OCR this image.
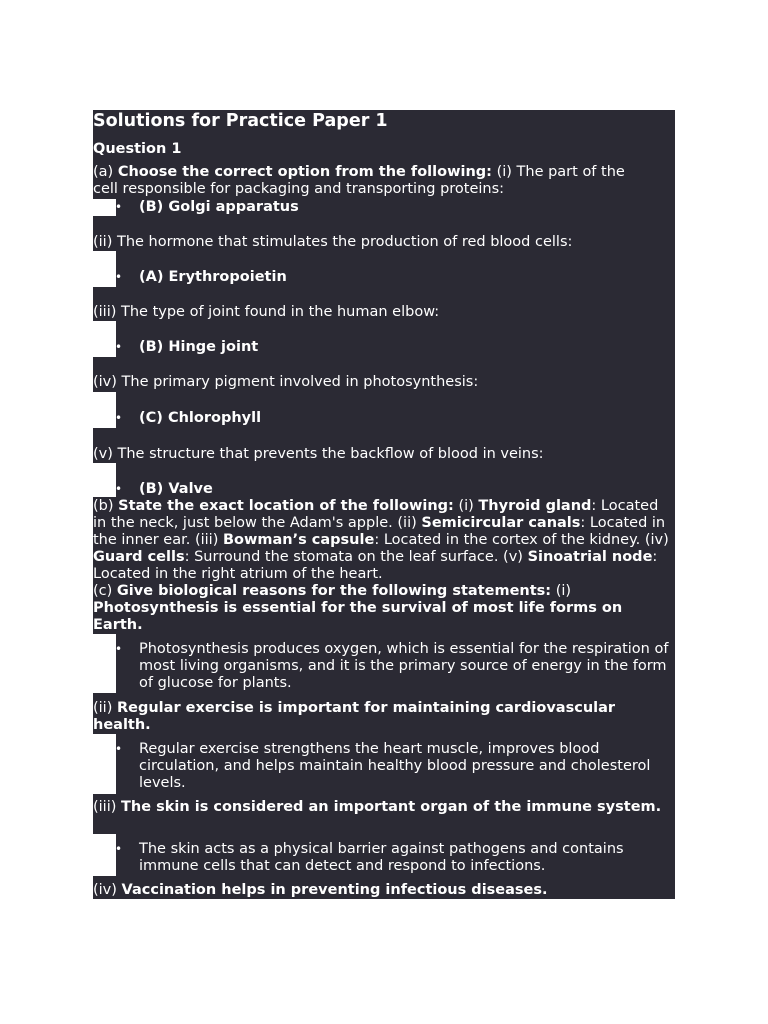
Solutions for Practice Paper 1
Question 1
(a) Choose the correct option from the following: (i) The part of the
cell responsible for packaging and transporting proteins:
• (B) Golgi apparatus
(ii) The hormone that stimulates the production of red blood cells:
• (A) Erythropoietin
(iii) The type of joint found in the human elbow:
• (B) Hinge joint
(iv) The primary pigment involved in photosynthesis:
• (C) Chlorophyll
(v) The structure that prevents the backflow of blood in veins:
• (B) Valve
(b) State the exact location of the following: (i) Thyroid gland: Located in the neck, just below the Adam's apple. (ii) Semicircular canals: Located in the inner ear. (iii) Bowman’s capsule: Located in the cortex of the kidney. (iv) Guard cells: Surround the stomata on the leaf surface. (v) Sinoatrial node: Located in the right atrium of the heart.
(c) Give biological reasons for the following statements: (i) Photosynthesis is essential for the survival of most life forms on Earth.
• Photosynthesis produces oxygen, which is essential for the respiration of most living organisms, and it is the primary source of energy in the form of glucose for plants.
(ii) Regular exercise is important for maintaining cardiovascular health.
• Regular exercise strengthens the heart muscle, improves blood circulation, and helps maintain healthy blood pressure and cholesterol levels.
(iii) The skin is considered an important organ of the immune system.
• The skin acts as a physical barrier against pathogens and contains immune cells that can detect and respond to infections.
(iv) Vaccination helps in preventing infectious diseases.
